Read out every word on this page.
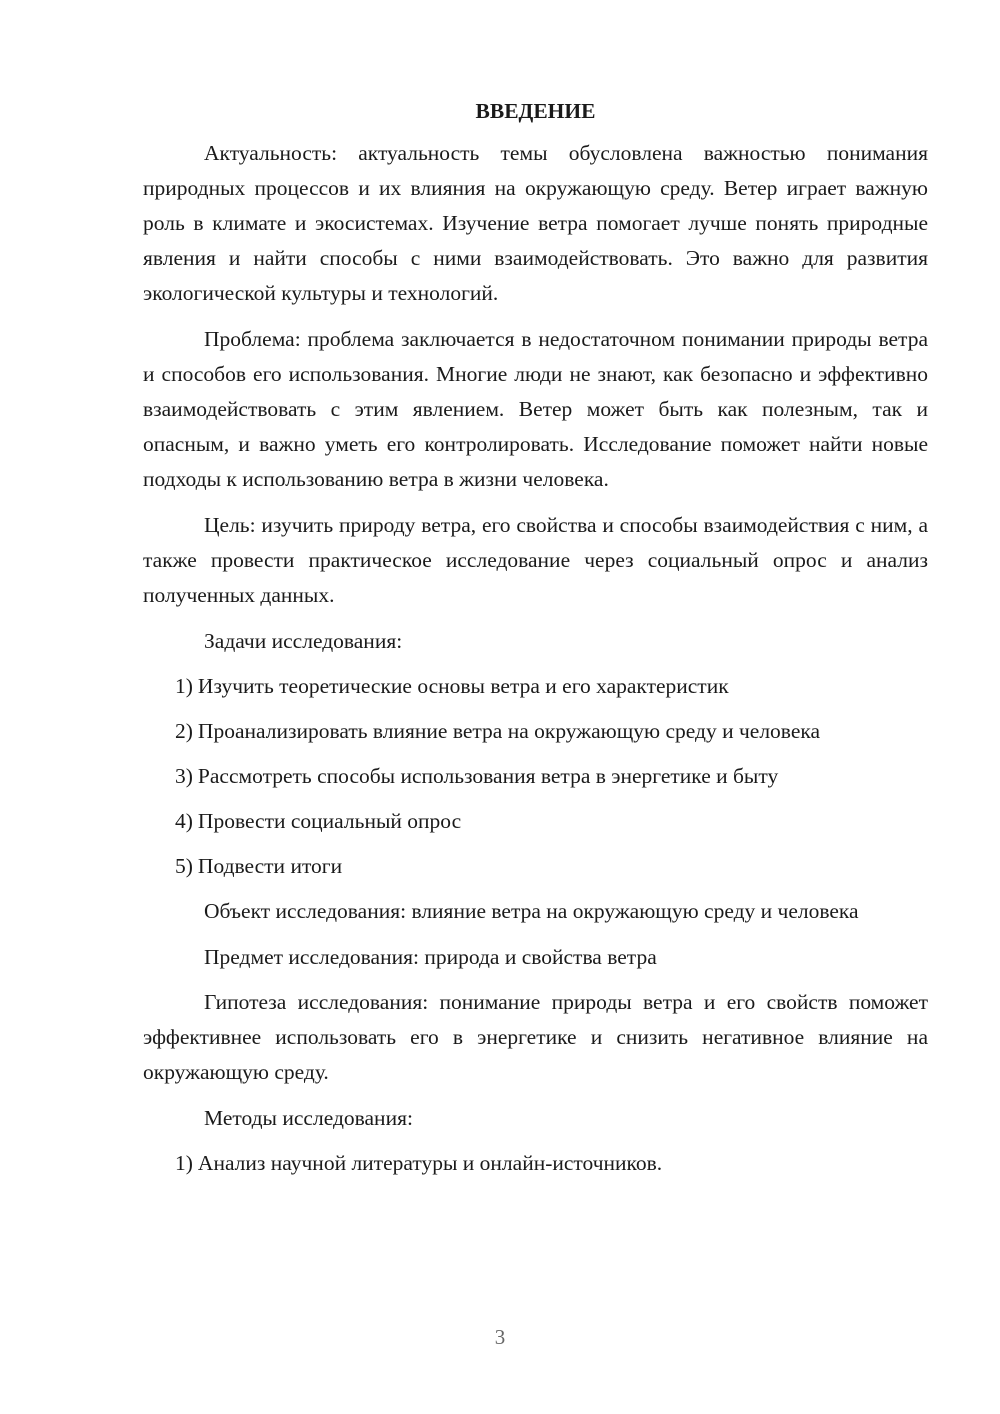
ВВЕДЕНИЕ

Актуальность: актуальность темы обусловлена важностью понимания природных процессов и их влияния на окружающую среду. Ветер играет важную роль в климате и экосистемах. Изучение ветра помогает лучше понять природные явления и найти способы с ними взаимодействовать. Это важно для развития экологической культуры и технологий.

Проблема: проблема заключается в недостаточном понимании природы ветра и способов его использования. Многие люди не знают, как безопасно и эффективно взаимодействовать с этим явлением. Ветер может быть как полезным, так и опасным, и важно уметь его контролировать. Исследование поможет найти новые подходы к использованию ветра в жизни человека.

Цель: изучить природу ветра, его свойства и способы взаимодействия с ним, а также провести практическое исследование через социальный опрос и анализ полученных данных.

Задачи исследования:

1) Изучить теоретические основы ветра и его характеристик

2) Проанализировать влияние ветра на окружающую среду и человека

3) Рассмотреть способы использования ветра в энергетике и быту

4) Провести социальный опрос

5) Подвести итоги

Объект исследования: влияние ветра на окружающую среду и человека

Предмет исследования: природа и свойства ветра

Гипотеза исследования: понимание природы ветра и его свойств поможет эффективнее использовать его в энергетике и снизить негативное влияние на окружающую среду.

Методы исследования:

1) Анализ научной литературы и онлайн-источников.

3
